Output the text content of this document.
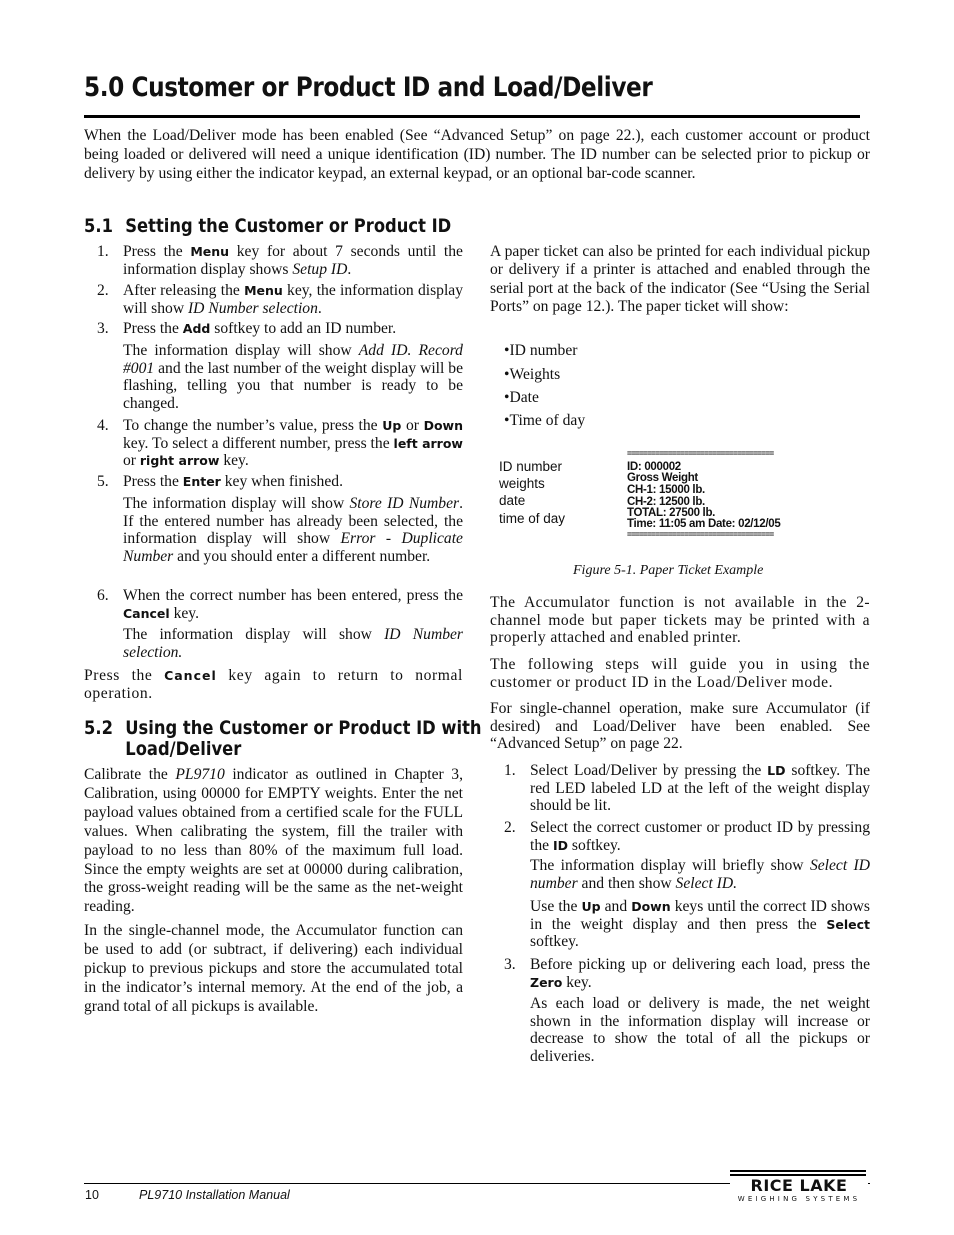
5.0 Customer or Product ID and Load/Deliver

When the Load/Deliver mode has been enabled (See “Advanced Setup” on page 22.), each customer account or product being loaded or delivered will need a unique identification (ID) number. The ID number can be selected prior to pickup or delivery by using either the indicator keypad, an external keypad, or an optional bar-code scanner.

5.1 Setting the Customer or Product ID
1. Press the Menu key for about 7 seconds until the information display shows Setup ID.
2. After releasing the Menu key, the information display will show ID Number selection.
3. Press the Add softkey to add an ID number.
The information display will show Add ID. Record #001 and the last number of the weight display will be flashing, telling you that number is ready to be changed.
4. To change the number’s value, press the Up or Down key. To select a different number, press the left arrow or right arrow key.
5. Press the Enter key when finished.
The information display will show Store ID Number. If the entered number has already been selected, the information display will show Error - Duplicate Number and you should enter a different number.
6. When the correct number has been entered, press the Cancel key.
The information display will show ID Number selection.
Press the Cancel key again to return to normal operation.
5.2 Using the Customer or Product ID with
Load/Deliver
Calibrate the PL9710 indicator as outlined in Chapter 3, Calibration, using 00000 for EMPTY weights. Enter the net payload values obtained from a certified scale for the FULL values. When calibrating the system, fill the trailer with payload to no less than 80% of the maximum full load. Since the empty weights are set at 00000 during calibration, the gross-weight reading will be the same as the net-weight reading.
In the single-channel mode, the Accumulator function can be used to add (or subtract, if delivering) each individual pickup to previous pickups and store the accumulated total in the indicator’s internal memory. At the end of the job, a grand total of all pickups is available.
A paper ticket can also be printed for each individual pickup or delivery if a printer is attached and enabled through the serial port at the back of the indicator (See “Using the Serial Ports” on page 12.). The paper ticket will show:
•ID number
•Weights
•Date
•Time of day
ID number
weights
date
time of day
====================================
ID: 000002
Gross Weight
CH-1: 15000 lb.
CH-2: 12500 lb.
TOTAL: 27500 lb.
Time: 11:05 am Date: 02/12/05
====================================
Figure 5-1. Paper Ticket Example
The Accumulator function is not available in the 2-channel mode but paper tickets may be printed with a properly attached and enabled printer.
The following steps will guide you in using the customer or product ID in the Load/Deliver mode.
For single-channel operation, make sure Accumulator (if desired) and Load/Deliver have been enabled. See “Advanced Setup” on page 22.
1. Select Load/Deliver by pressing the LD softkey. The red LED labeled LD at the left of the weight display should be lit.
2. Select the correct customer or product ID by pressing the ID softkey.
The information display will briefly show Select ID number and then show Select ID.
Use the Up and Down keys until the correct ID shows in the weight display and then press the Select softkey.
3. Before picking up or delivering each load, press the Zero key.
As each load or delivery is made, the net weight shown in the information display will increase or decrease to show the total of all the pickups or deliveries.
10	PL9710 Installation Manual	RICE LAKE
WEIGHING SYSTEMS
